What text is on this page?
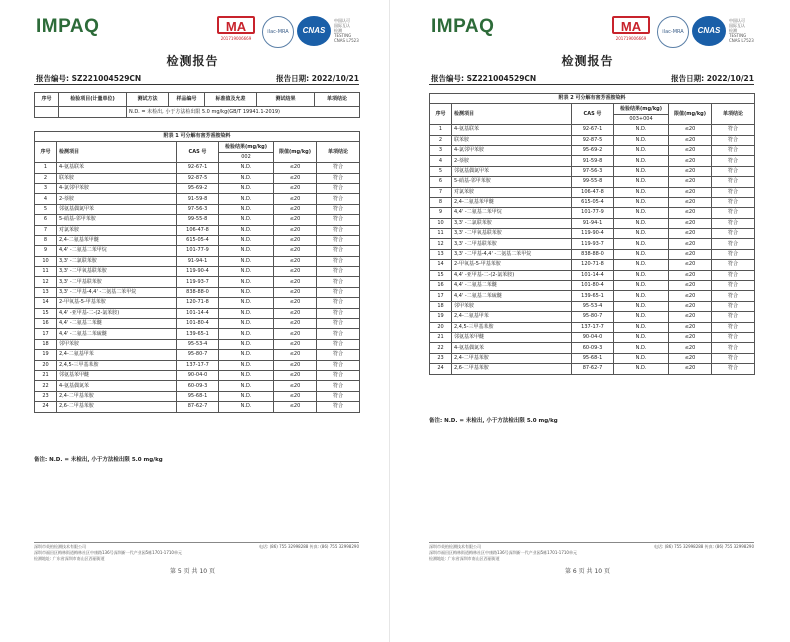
IMPAQ	MA
201719006669
ilac-MRA	CNAS
中国认可
国际互认
检测
TESTING
CNAS L7523
检测报告
报告编号: SZ221004529CN	报告日期: 2022/10/21
序号	检验项目(计量单位)	测试方法	样品编号	标准值及允差	测试结果	单项结论
		N.D. = 未检出, 小于方法检出限 5.0 mg/kg(GB/T 19941.1-2019)				
附表 1 可分解有害芳香胺染料					
序号	检测项目	CAS 号	检验结果(mg/kg)	限值(mg/kg)	单项结论
			002		
1	4-氨基联苯	92-67-1	N.D.	≤20	符合
2	联苯胺	92-87-5	N.D.	≤20	符合
3	4-氯邻甲苯胺	95-69-2	N.D.	≤20	符合
4	2-萘胺	91-59-8	N.D.	≤20	符合
5	邻氨基偶氮甲苯	97-56-3	N.D.	≤20	符合
6	5-硝基-邻甲苯胺	99-55-8	N.D.	≤20	符合
7	对氯苯胺	106-47-8	N.D.	≤20	符合
8	2,4-二氨基苯甲醚	615-05-4	N.D.	≤20	符合
9	4,4' -二氨基二苯甲烷	101-77-9	N.D.	≤20	符合
10	3,3' -二氯联苯胺	91-94-1	N.D.	≤20	符合
11	3,3' -二甲氧基联苯胺	119-90-4	N.D.	≤20	符合
12	3,3' -二甲基联苯胺	119-93-7	N.D.	≤20	符合
13	3,3' -二甲基-4,4' -二氨基二苯甲烷	838-88-0	N.D.	≤20	符合
14	2-甲氧基-5-甲基苯胺	120-71-8	N.D.	≤20	符合
15	4,4' -亚甲基-二-(2-氯苯胺)	101-14-4	N.D.	≤20	符合
16	4,4' -二氨基二苯醚	101-80-4	N.D.	≤20	符合
17	4,4' -二氨基二苯硫醚	139-65-1	N.D.	≤20	符合
18	邻甲苯胺	95-53-4	N.D.	≤20	符合
19	2,4-二氨基甲苯	95-80-7	N.D.	≤20	符合
20	2,4,5-三甲基苯胺	137-17-7	N.D.	≤20	符合
21	邻氨基苯甲醚	90-04-0	N.D.	≤20	符合
22	4-氨基偶氮苯	60-09-3	N.D.	≤20	符合
23	2,4-二甲基苯胺	95-68-1	N.D.	≤20	符合
24	2,6-二甲基苯胺	87-62-7	N.D.	≤20	符合
备注: N.D. = 未检出, 小于方法检出限 5.0 mg/kg
深圳市英柏检测技术有限公司
深圳市福田区梅林街道梅林社区中康路136号深圳新一代产业园5栋1701-1710单元
检测地址: 广东省深圳市南山区西丽街道
电话: (86) 755 32998288 传真: (86) 755 32998290
第 5 页 共 10 页
IMPAQ	MA
201719006669
ilac-MRA	CNAS
中国认可
国际互认
检测
TESTING
CNAS L7523
检测报告
报告编号: SZ221004529CN	报告日期: 2022/10/21
附表 2 可分解有害芳香胺染料					
序号	检测项目	CAS 号	检验结果(mg/kg)	限值(mg/kg)	单项结论
			003+004		
1	4-氨基联苯	92-67-1	N.D.	≤20	符合
2	联苯胺	92-87-5	N.D.	≤20	符合
3	4-氯邻甲苯胺	95-69-2	N.D.	≤20	符合
4	2-萘胺	91-59-8	N.D.	≤20	符合
5	邻氨基偶氮甲苯	97-56-3	N.D.	≤20	符合
6	5-硝基-邻甲苯胺	99-55-8	N.D.	≤20	符合
7	对氯苯胺	106-47-8	N.D.	≤20	符合
8	2,4-二氨基苯甲醚	615-05-4	N.D.	≤20	符合
9	4,4' -二氨基二苯甲烷	101-77-9	N.D.	≤20	符合
10	3,3' -二氯联苯胺	91-94-1	N.D.	≤20	符合
11	3,3' -二甲氧基联苯胺	119-90-4	N.D.	≤20	符合
12	3,3' -二甲基联苯胺	119-93-7	N.D.	≤20	符合
13	3,3' -二甲基-4,4' -二氨基二苯甲烷	838-88-0	N.D.	≤20	符合
14	2-甲氧基-5-甲基苯胺	120-71-8	N.D.	≤20	符合
15	4,4' -亚甲基-二-(2-氯苯胺)	101-14-4	N.D.	≤20	符合
16	4,4' -二氨基二苯醚	101-80-4	N.D.	≤20	符合
17	4,4' -二氨基二苯硫醚	139-65-1	N.D.	≤20	符合
18	邻甲苯胺	95-53-4	N.D.	≤20	符合
19	2,4-二氨基甲苯	95-80-7	N.D.	≤20	符合
20	2,4,5-三甲基苯胺	137-17-7	N.D.	≤20	符合
21	邻氨基苯甲醚	90-04-0	N.D.	≤20	符合
22	4-氨基偶氮苯	60-09-3	N.D.	≤20	符合
23	2,4-二甲基苯胺	95-68-1	N.D.	≤20	符合
24	2,6-二甲基苯胺	87-62-7	N.D.	≤20	符合
备注: N.D. = 未检出, 小于方法检出限 5.0 mg/kg
深圳市英柏检测技术有限公司
深圳市福田区梅林街道梅林社区中康路136号深圳新一代产业园5栋1701-1710单元
检测地址: 广东省深圳市南山区西丽街道
电话: (86) 755 32998288 传真: (86) 755 32998290
第 6 页 共 10 页
